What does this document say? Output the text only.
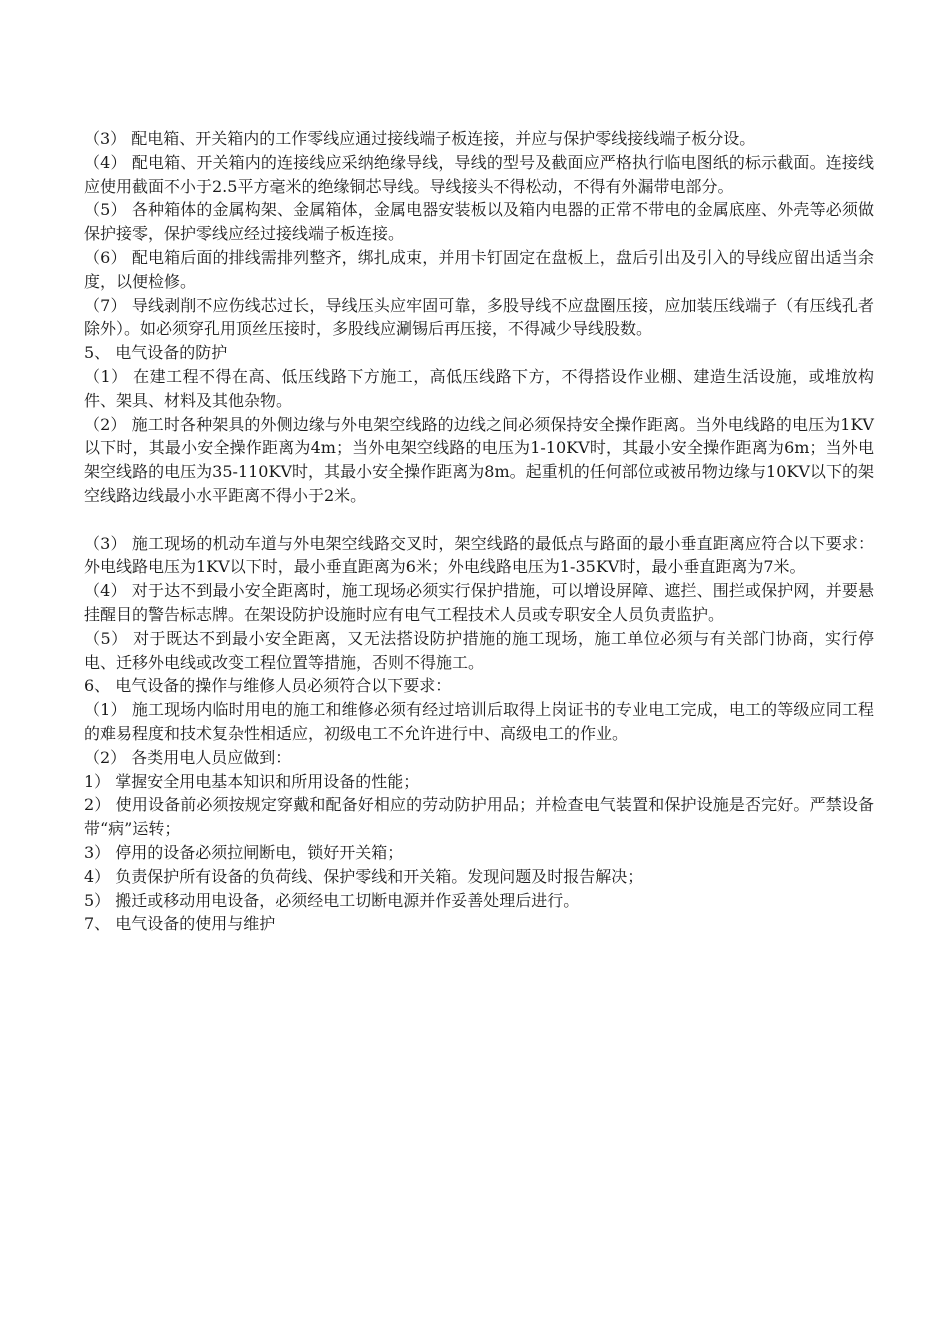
（3） 配电箱、开关箱内的工作零线应通过接线端子板连接，并应与保护零线接线端子板分设。

（4） 配电箱、开关箱内的连接线应采纳绝缘导线，导线的型号及截面应严格执行临电图纸的标示截面。连接线应使用截面不小于2.5平方毫米的绝缘铜芯导线。导线接头不得松动，不得有外漏带电部分。

（5） 各种箱体的金属构架、金属箱体，金属电器安装板以及箱内电器的正常不带电的金属底座、外壳等必须做保护接零，保护零线应经过接线端子板连接。

（6） 配电箱后面的排线需排列整齐，绑扎成束，并用卡钉固定在盘板上，盘后引出及引入的导线应留出适当余度，以便检修。

（7） 导线剥削不应伤线芯过长，导线压头应牢固可靠，多股导线不应盘圈压接，应加装压线端子（有压线孔者除外）。如必须穿孔用顶丝压接时，多股线应涮锡后再压接，不得减少导线股数。

5、 电气设备的防护

（1） 在建工程不得在高、低压线路下方施工，高低压线路下方，不得搭设作业棚、建造生活设施，或堆放构件、架具、材料及其他杂物。

（2） 施工时各种架具的外侧边缘与外电架空线路的边线之间必须保持安全操作距离。当外电线路的电压为1KV以下时，其最小安全操作距离为4m；当外电架空线路的电压为1-10KV时，其最小安全操作距离为6m；当外电架空线路的电压为35-110KV时，其最小安全操作距离为8m。起重机的任何部位或被吊物边缘与10KV以下的架空线路边线最小水平距离不得小于2米。

（3） 施工现场的机动车道与外电架空线路交叉时，架空线路的最低点与路面的最小垂直距离应符合以下要求：外电线路电压为1KV以下时，最小垂直距离为6米；外电线路电压为1-35KV时，最小垂直距离为7米。

（4） 对于达不到最小安全距离时，施工现场必须实行保护措施，可以增设屏障、遮拦、围拦或保护网，并要悬挂醒目的警告标志牌。在架设防护设施时应有电气工程技术人员或专职安全人员负责监护。

（5） 对于既达不到最小安全距离，又无法搭设防护措施的施工现场，施工单位必须与有关部门协商，实行停电、迁移外电线或改变工程位置等措施，否则不得施工。

6、 电气设备的操作与维修人员必须符合以下要求：

（1） 施工现场内临时用电的施工和维修必须有经过培训后取得上岗证书的专业电工完成，电工的等级应同工程的难易程度和技术复杂性相适应，初级电工不允许进行中、高级电工的作业。

（2） 各类用电人员应做到：

1） 掌握安全用电基本知识和所用设备的性能；

2） 使用设备前必须按规定穿戴和配备好相应的劳动防护用品；并检查电气装置和保护设施是否完好。严禁设备带“病”运转；

3） 停用的设备必须拉闸断电，锁好开关箱；

4） 负责保护所有设备的负荷线、保护零线和开关箱。发现问题及时报告解决；

5） 搬迁或移动用电设备，必须经电工切断电源并作妥善处理后进行。

7、 电气设备的使用与维护
